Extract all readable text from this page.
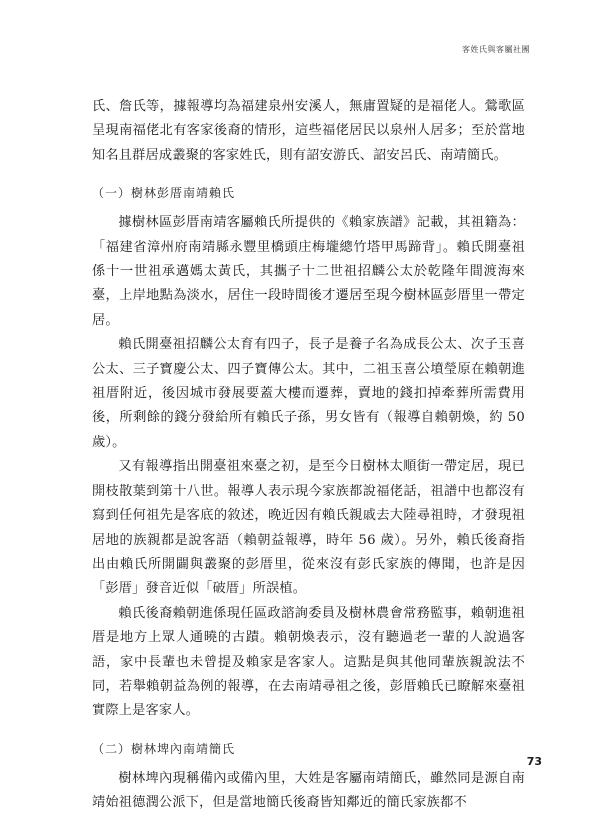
客姓氏與客屬社團

氏、詹氏等，據報導均為福建泉州安溪人，無庸置疑的是福佬人。鶯歌區呈現南福佬北有客家後裔的情形，這些福佬居民以泉州人居多；至於當地知名且群居成叢聚的客家姓氏，則有詔安游氏、詔安呂氏、南靖簡氏。

（一）樹林彭厝南靖賴氏

據樹林區彭厝南靖客屬賴氏所提供的《賴家族譜》記載，其祖籍為：「福建省漳州府南靖縣永豐里橋頭庄梅壠總竹塔甲馬蹄背」。賴氏開臺祖係十一世祖承邁媽太黃氏，其攜子十二世祖招麟公太於乾隆年間渡海來臺，上岸地點為淡水，居住一段時間後才遷居至現今樹林區彭厝里一帶定居。

賴氏開臺祖招麟公太育有四子，長子是養子名為成長公太、次子玉喜公太、三子寶慶公太、四子寶傳公太。其中，二祖玉喜公墳瑩原在賴朝進祖厝附近，後因城市發展要蓋大樓而遷葬，賣地的錢扣掉牽葬所需費用後，所剩餘的錢分發給所有賴氏子孫，男女皆有（報導自賴朝煥，約 50 歲）。

又有報導指出開臺祖來臺之初，是至今日樹林太順街一帶定居，現已開枝散葉到第十八世。報導人表示現今家族都說福佬話，祖譜中也都沒有寫到任何祖先是客底的敘述，晚近因有賴氏親戚去大陸尋祖時，才發現祖居地的族親都是說客語（賴朝益報導，時年 56 歲）。另外，賴氏後裔指出由賴氏所開闢與叢聚的彭厝里，從來沒有彭氏家族的傳聞，也許是因「彭厝」發音近似「破厝」所誤植。

賴氏後裔賴朝進係現任區政諮詢委員及樹林農會常務監事，賴朝進祖厝是地方上眾人通曉的古蹟。賴朝煥表示，沒有聽過老一輩的人說過客語，家中長輩也未曾提及賴家是客家人。這點是與其他同輩族親說法不同，若舉賴朝益為例的報導，在去南靖尋祖之後，彭厝賴氏已瞭解來臺祖實際上是客家人。

（二）樹林埤內南靖簡氏

樹林埤內現稱備內或備內里，大姓是客屬南靖簡氏，雖然同是源自南靖始祖德潤公派下，但是當地簡氏後裔皆知鄰近的簡氏家族都不

73
